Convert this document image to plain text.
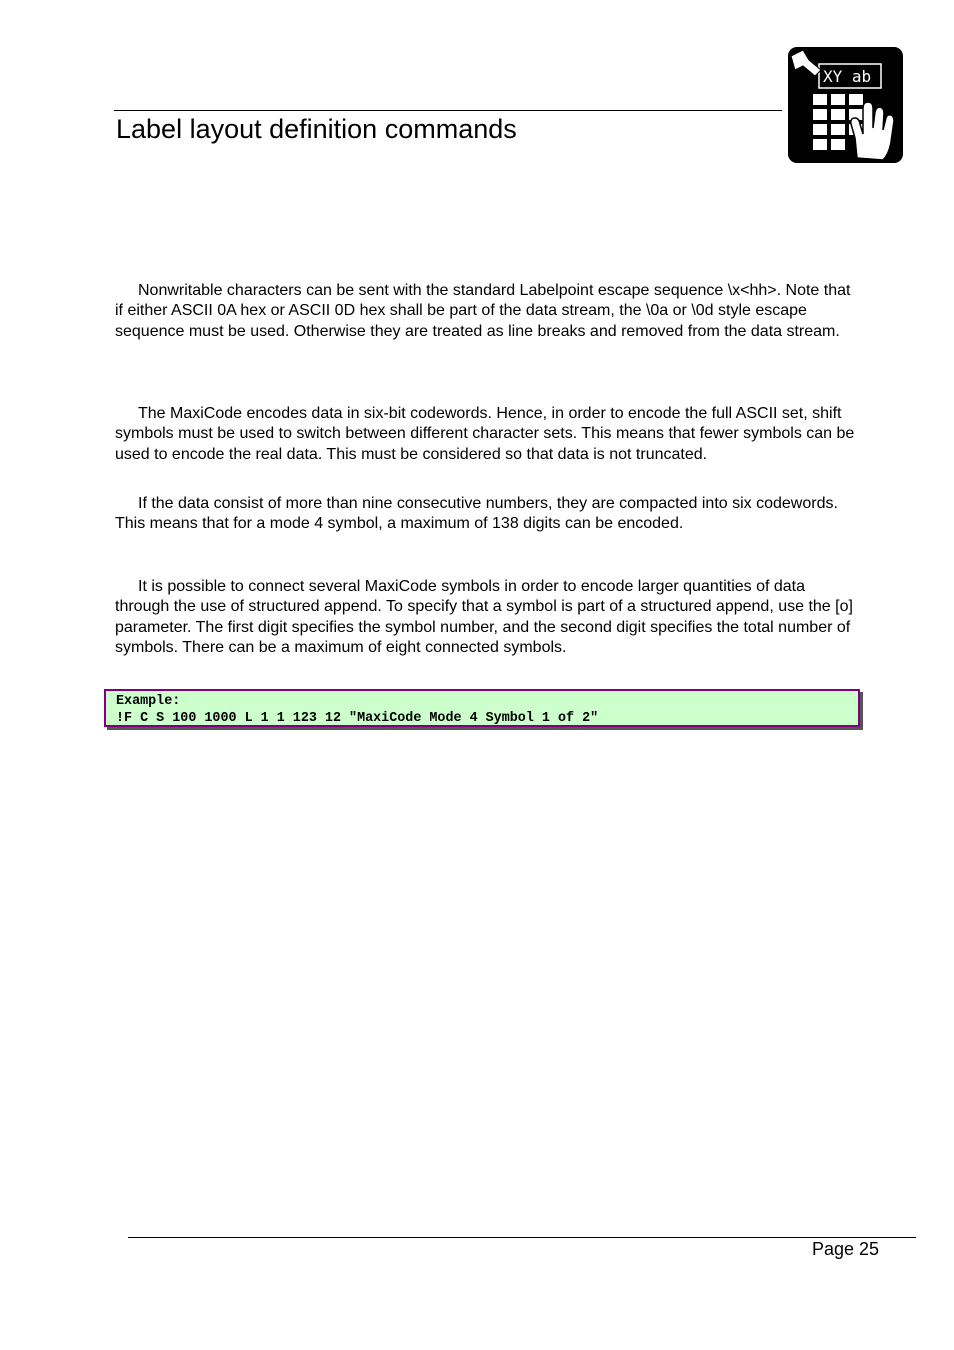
Label layout definition commands
XY ab

Nonwritable characters can be sent with the standard Labelpoint escape sequence \x<hh>. Note that if either ASCII 0A hex or ASCII 0D hex shall be part of the data stream, the \0a or \0d style escape sequence must be used. Otherwise they are treated as line breaks and removed from the data stream.

The MaxiCode encodes data in six-bit codewords. Hence, in order to encode the full ASCII set, shift symbols must be used to switch between different character sets. This means that fewer symbols can be used to encode the real data. This must be considered so that data is not truncated.

If the data consist of more than nine consecutive numbers, they are compacted into six codewords. This means that for a mode 4 symbol, a maximum of 138 digits can be encoded.

It is possible to connect several MaxiCode symbols in order to encode larger quantities of data through the use of structured append. To specify that a symbol is part of a structured append, use the [o] parameter. The first digit specifies the symbol number, and the second digit specifies the total number of symbols. There can be a maximum of eight connected symbols.

Example:
!F C S 100 1000 L 1 1 123 12 "MaxiCode Mode 4 Symbol 1 of 2"
Page 25
